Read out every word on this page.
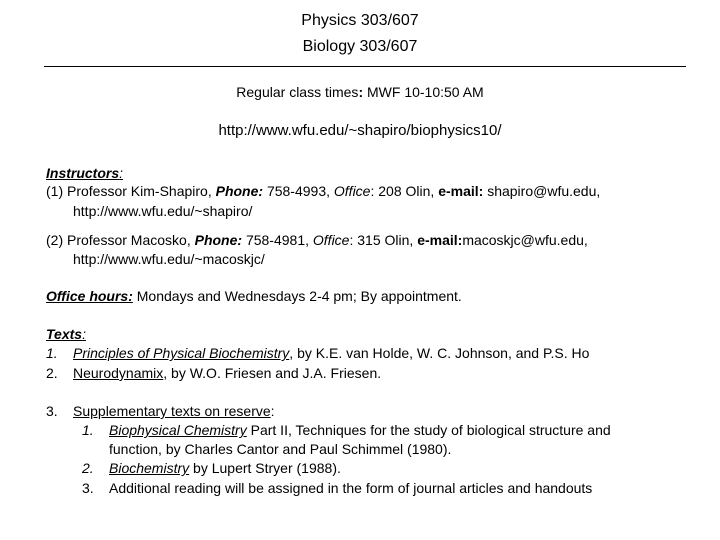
Physics 303/607
Biology 303/607
Regular class times: MWF 10-10:50 AM
http://www.wfu.edu/~shapiro/biophysics10/
Instructors:
(1) Professor Kim-Shapiro, Phone: 758-4993, Office: 208 Olin, e-mail: shapiro@wfu.edu,
http://www.wfu.edu/~shapiro/
(2) Professor Macosko, Phone: 758-4981, Office: 315 Olin, e-mail:macoskjc@wfu.edu,
http://www.wfu.edu/~macoskjc/
Office hours: Mondays and Wednesdays 2-4 pm; By appointment.
Texts:
1. Principles of Physical Biochemistry, by K.E. van Holde, W. C. Johnson, and P.S. Ho
2. Neurodynamix, by W.O. Friesen and J.A. Friesen.
3. Supplementary texts on reserve:
1. Biophysical Chemistry Part II, Techniques for the study of biological structure and
function, by Charles Cantor and Paul Schimmel (1980).
2. Biochemistry by Lupert Stryer (1988).
3. Additional reading will be assigned in the form of journal articles and handouts
